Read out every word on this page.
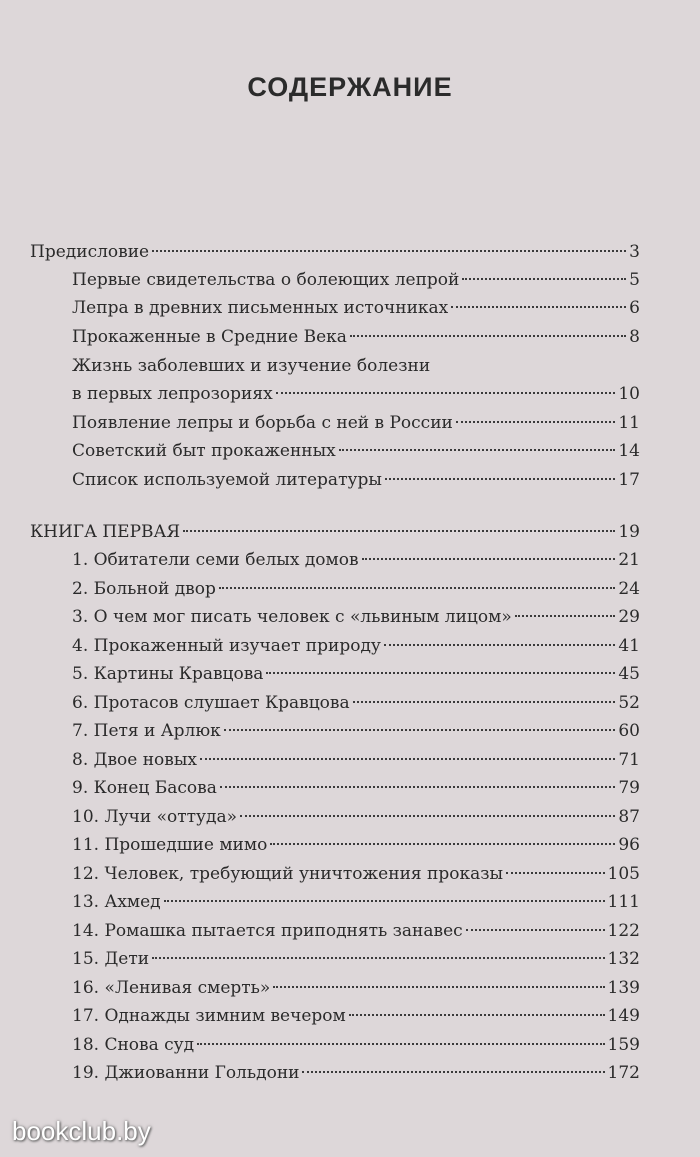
СОДЕРЖАНИЕ
Предисловие	3
Первые свидетельства о болеющих лепрой	5
Лепра в древних письменных источниках	6
Прокаженные в Средние Века	8
Жизнь заболевших и изучение болезни
в первых лепрозориях	10
Появление лепры и борьба с ней в России	11
Советский быт прокаженных	14
Список используемой литературы	17
КНИГА ПЕРВАЯ	19
1. Обитатели семи белых домов	21
2. Больной двор	24
3. О чем мог писать человек с «львиным лицом»	29
4. Прокаженный изучает природу	41
5. Картины Кравцова	45
6. Протасов слушает Кравцова	52
7. Петя и Арлюк	60
8. Двое новых	71
9. Конец Басова	79
10. Лучи «оттуда»	87
11. Прошедшие мимо	96
12. Человек, требующий уничтожения проказы	105
13. Ахмед	111
14. Ромашка пытается приподнять занавес	122
15. Дети	132
16. «Ленивая смерть»	139
17. Однажды зимним вечером	149
18. Снова суд	159
19. Джиованни Гольдони	172
bookclub.by
